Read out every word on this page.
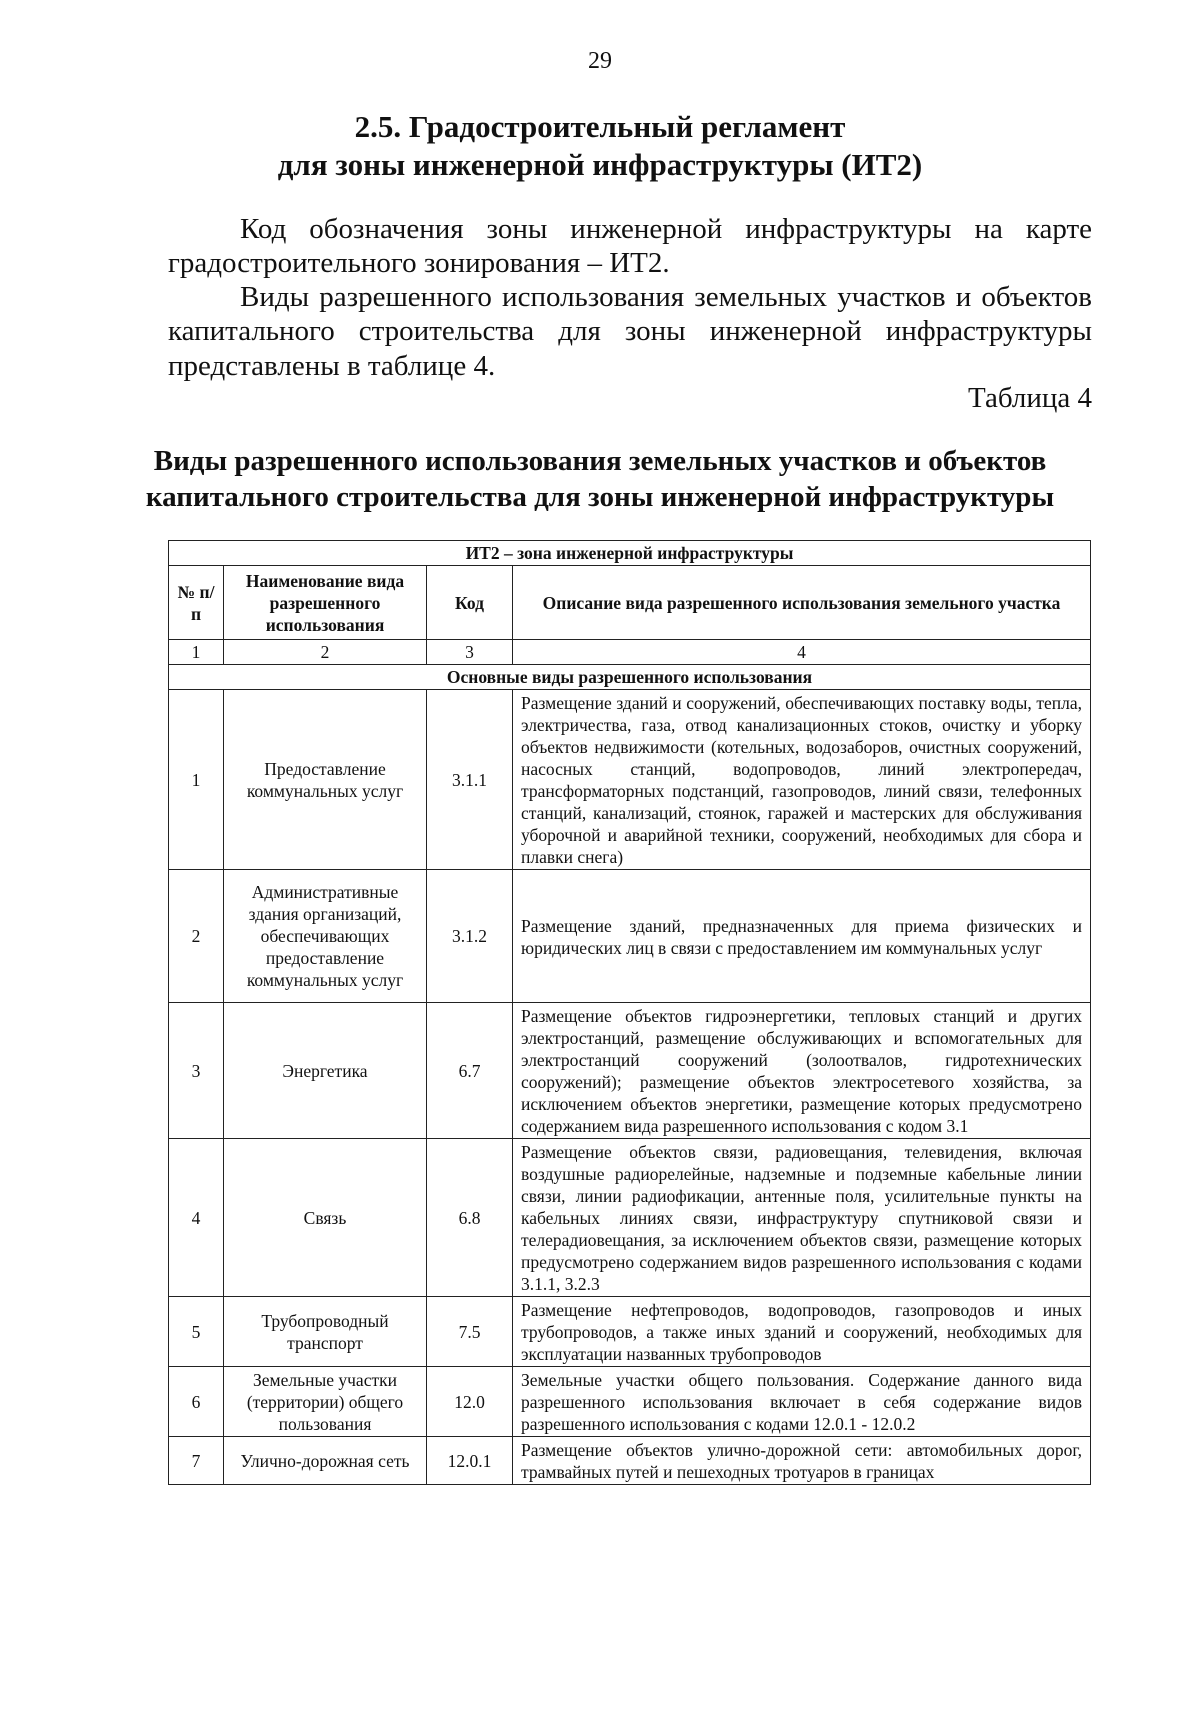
29
2.5. Градостроительный регламент
для зоны инженерной инфраструктуры (ИТ2)
Код обозначения зоны инженерной инфраструктуры на карте
градостроительного зонирования – ИТ2.
Виды разрешенного использования земельных участков и объектов
капитального строительства для зоны инженерной инфраструктуры
представлены в таблице 4.
Таблица 4
Виды разрешенного использования земельных участков и объектов
капитального строительства для зоны инженерной инфраструктуры
ИТ2 – зона инженерной инфраструктуры			
№ п/п	Наименование вида разрешенного использования	Код	Описание вида разрешенного использования земельного участка
1	2	3	4
Основные виды разрешенного использования			
1	Предоставление коммунальных услуг	3.1.1	Размещение зданий и сооружений, обеспечивающих поставку воды, тепла, электричества, газа, отвод канализационных стоков, очистку и уборку объектов недвижимости (котельных, водозаборов, очистных сооружений, насосных станций, водопроводов, линий электропередач, трансформаторных подстанций, газопроводов, линий связи, телефонных станций, канализаций, стоянок, гаражей и мастерских для обслуживания уборочной и аварийной техники, сооружений, необходимых для сбора и плавки снега)
2	Административные здания организаций, обеспечивающих предоставление коммунальных услуг	3.1.2	Размещение зданий, предназначенных для приема физических и юридических лиц в связи с предоставлением им коммунальных услуг
3	Энергетика	6.7	Размещение объектов гидроэнергетики, тепловых станций и других электростанций, размещение обслуживающих и вспомогательных для электростанций сооружений (золоотвалов, гидротехнических сооружений); размещение объектов электросетевого хозяйства, за исключением объектов энергетики, размещение которых предусмотрено содержанием вида разрешенного использования с кодом 3.1
4	Связь	6.8	Размещение объектов связи, радиовещания, телевидения, включая воздушные радиорелейные, надземные и подземные кабельные линии связи, линии радиофикации, антенные поля, усилительные пункты на кабельных линиях связи, инфраструктуру спутниковой связи и телерадиовещания, за исключением объектов связи, размещение которых предусмотрено содержанием видов разрешенного использования с кодами 3.1.1, 3.2.3
5	Трубопроводный транспорт	7.5	Размещение нефтепроводов, водопроводов, газопроводов и иных трубопроводов, а также иных зданий и сооружений, необходимых для эксплуатации названных трубопроводов
6	Земельные участки (территории) общего пользования	12.0	Земельные участки общего пользования. Содержание данного вида разрешенного использования включает в себя содержание видов разрешенного использования с кодами 12.0.1 - 12.0.2
7	Улично-дорожная сеть	12.0.1	Размещение объектов улично-дорожной сети: автомобильных дорог, трамвайных путей и пешеходных тротуаров в границах
